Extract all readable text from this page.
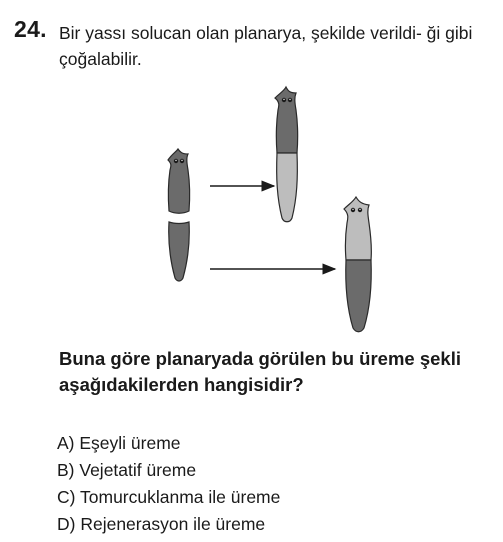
24. Bir yassı solucan olan planarya, şekilde verildi- ği gibi çoğalabilir.
Buna göre planaryada görülen bu üreme şekli aşağıdakilerden hangisidir?
A) Eşeyli üreme
B) Vejetatif üreme
C) Tomurcuklanma ile üreme
D) Rejenerasyon ile üreme
